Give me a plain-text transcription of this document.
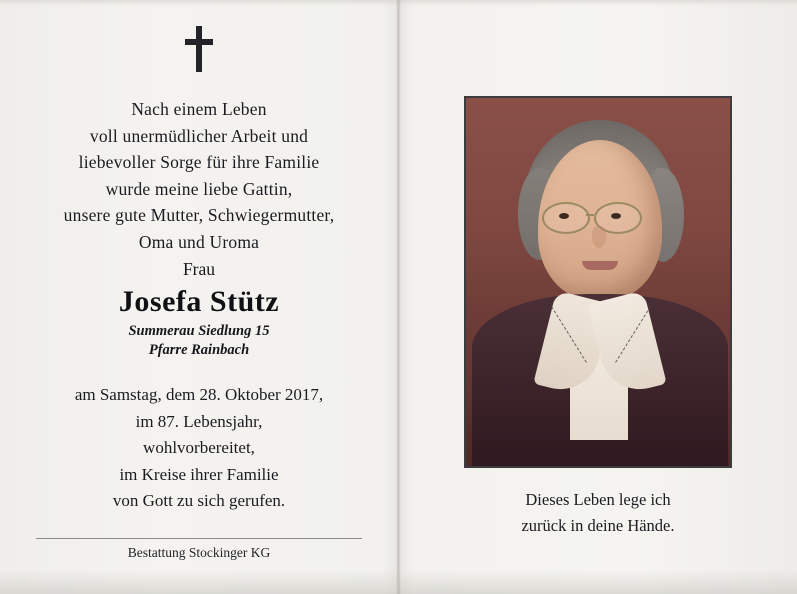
Nach einem Leben
voll unermüdlicher Arbeit und
liebevoller Sorge für ihre Familie
wurde meine liebe Gattin,
unsere gute Mutter, Schwiegermutter,
Oma und Uroma
Frau
Josefa Stütz
Summerau Siedlung 15
Pfarre Rainbach
am Samstag, dem 28. Oktober 2017,
im 87. Lebensjahr,
wohlvorbereitet,
im Kreise ihrer Familie
von Gott zu sich gerufen.
Bestattung Stockinger KG
Dieses Leben lege ich
zurück in deine Hände.
